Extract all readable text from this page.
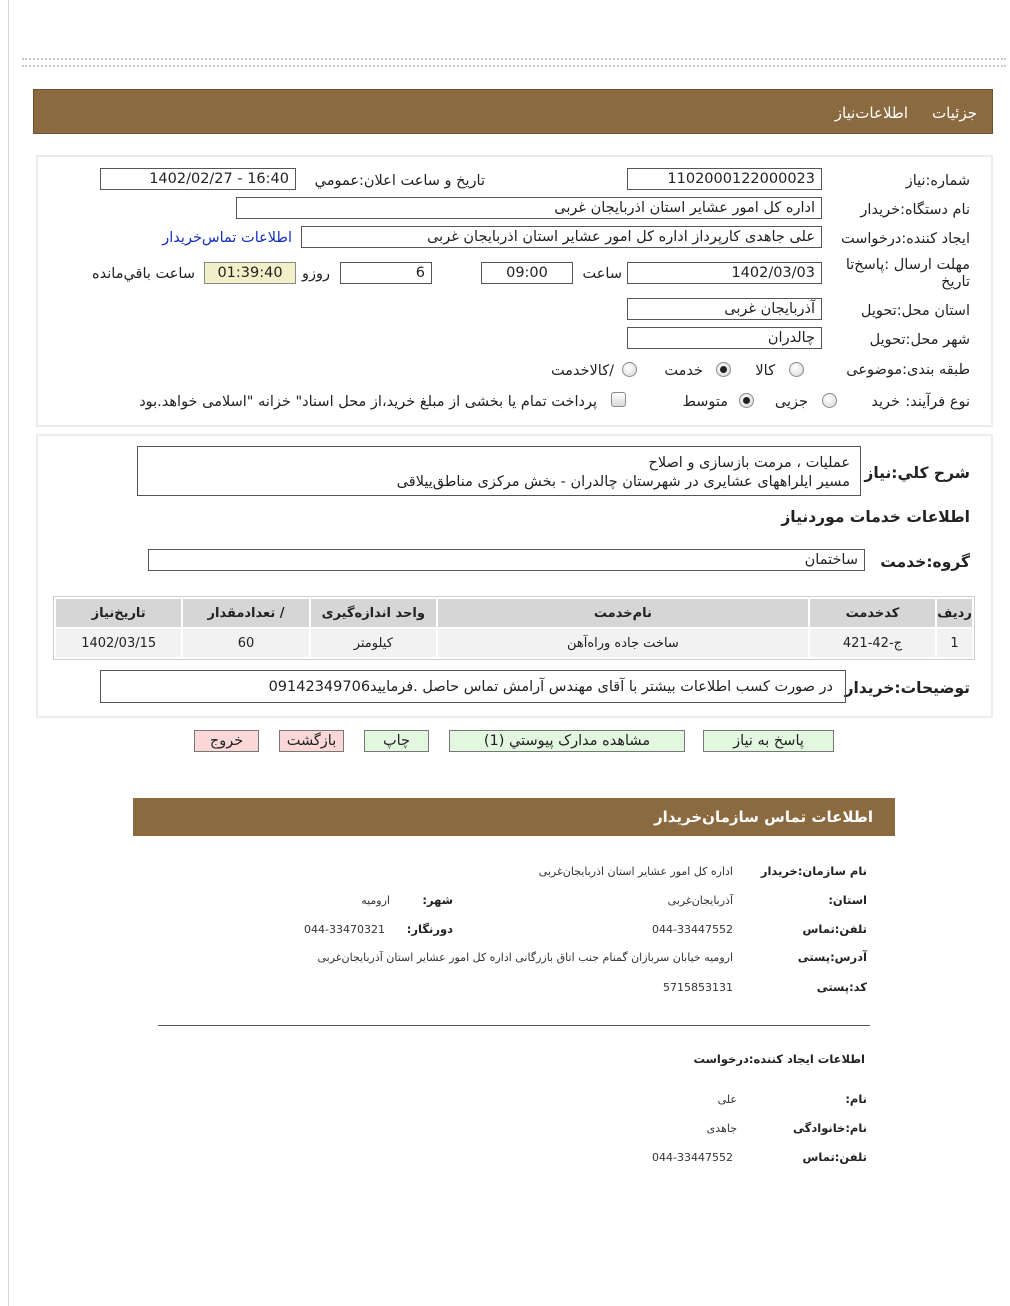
جزئیات
اطلاعات‌نیاز
شماره‌:نیاز
1102000122000023
تاريخ و ساعت اعلان:عمومي
1402/02/27 - 16:40
نام دستگاه‌:خریدار
اداره کل امور عشایر استان اذربایجان غربی
ایجاد کننده‌:درخواست
علی جاهدی کارپرداز اداره کل امور عشایر استان اذربایجان غربی
اطلاعات تماس‌خریدار
مهلت ارسال :پاسخ‌تا تاریخ
1402/03/03
ساعت
09:00
6
روزو
01:39:40
ساعت باقي‌مانده
استان محل‌:تحویل
آذربایجان غربی
شهر محل‌:تحویل
چالدران
طبقه بندی‌:موضوعی
کالا
خدمت
/کالاخدمت
نوع فرآیند‌:
خرید
جزیی
متوسط
پرداخت تمام یا بخشی از مبلغ خرید،از محل اسناد" خزانه "اسلامی خواهد.بود
شرح کلي‌:نیاز
عملیات ، مرمت بازسازی و اصلاح
مسیر ایلراههای عشایری در شهرستان چالدران - بخش مرکزی مناطق‌ییلاقی
اطلاعات خدمات موردنیاز
گروه‌:خدمت
ساختمان
ردیف	کدخدمت	نام‌خدمت	واحد اندازه‌گیری	/ تعدادمقدار	تاریخ‌نیاز
1	ج-42-421	ساخت جاده وراه‌آهن	کیلومتر	60	1402/03/15
توضیحات‌:خریدار
در صورت کسب اطلاعات بیشتر با آقای مهندس آرامش تماس حاصل .فرمایید09142349706
پاسخ به نیاز
مشاهده مدارک پیوستي (1)
چاپ
بازگشت
خروج
اطلاعات تماس سازمان‌خریدار
نام سازمان‌:خریدار
اداره کل امور عشایر استان اذربایجان‌غربی
استان:
آذربایجان‌غربی
شهر:
ارومیه
تلفن‌:تماس
044-33447552
دورنگار:
044-33470321
آدرس‌:پستی
ارومیه خیابان سربازان گمنام جنب اتاق بازرگانی اداره کل امور عشایر استان آذربایجان‌غربی
کد‌:پستی
5715853131
اطلاعات ایجاد کننده‌:درخواست
نام:
علی
نام‌:خانوادگی
جاهدی
تلفن‌:تماس
044-33447552
